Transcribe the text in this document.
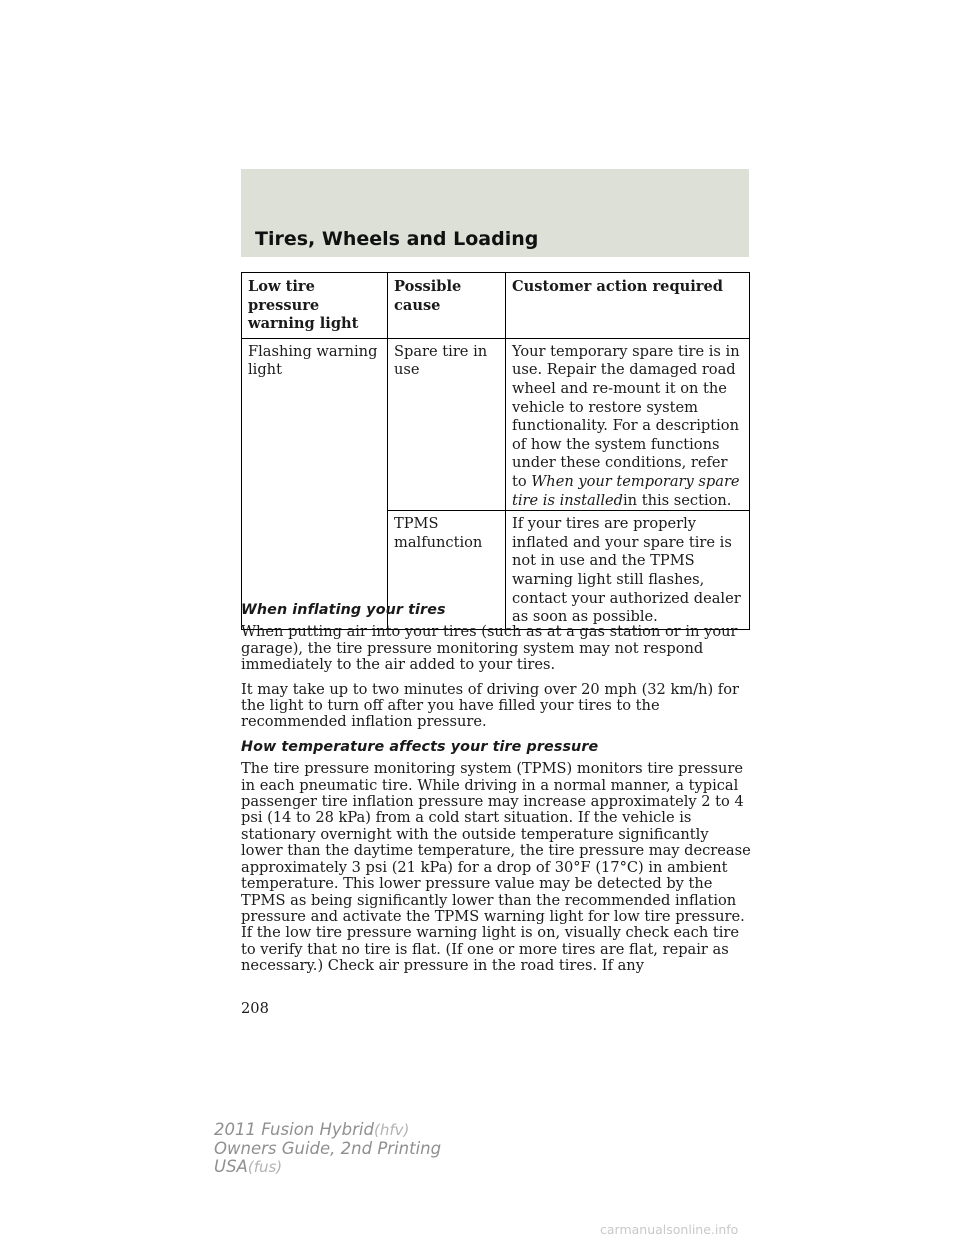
Tires, Wheels and Loading
Low tire pressure warning light	Possible cause	Customer action required
Flashing warning light	Spare tire in use	Your temporary spare tire is in use. Repair the damaged road wheel and re-mount it on the vehicle to restore system functionality. For a description of how the system functions under these conditions, refer to When your temporary spare tire is installedin this section.
	TPMS malfunction	If your tires are properly inflated and your spare tire is not in use and the TPMS warning light still flashes, contact your authorized dealer as soon as possible.
When inflating your tires

When putting air into your tires (such as at a gas station or in your garage), the tire pressure monitoring system may not respond immediately to the air added to your tires.

It may take up to two minutes of driving over 20 mph (32 km/h) for the light to turn off after you have filled your tires to the recommended inflation pressure.

How temperature affects your tire pressure

The tire pressure monitoring system (TPMS) monitors tire pressure in each pneumatic tire. While driving in a normal manner, a typical passenger tire inflation pressure may increase approximately 2 to 4 psi (14 to 28 kPa) from a cold start situation. If the vehicle is stationary overnight with the outside temperature significantly lower than the daytime temperature, the tire pressure may decrease approximately 3 psi (21 kPa) for a drop of 30°F (17°C) in ambient temperature. This lower pressure value may be detected by the TPMS as being significantly lower than the recommended inflation pressure and activate the TPMS warning light for low tire pressure. If the low tire pressure warning light is on, visually check each tire to verify that no tire is flat. (If one or more tires are flat, repair as necessary.) Check air pressure in the road tires. If any

208
2011 Fusion Hybrid(hfv)
Owners Guide, 2nd Printing
USA(fus)
carmanualsonline.info
